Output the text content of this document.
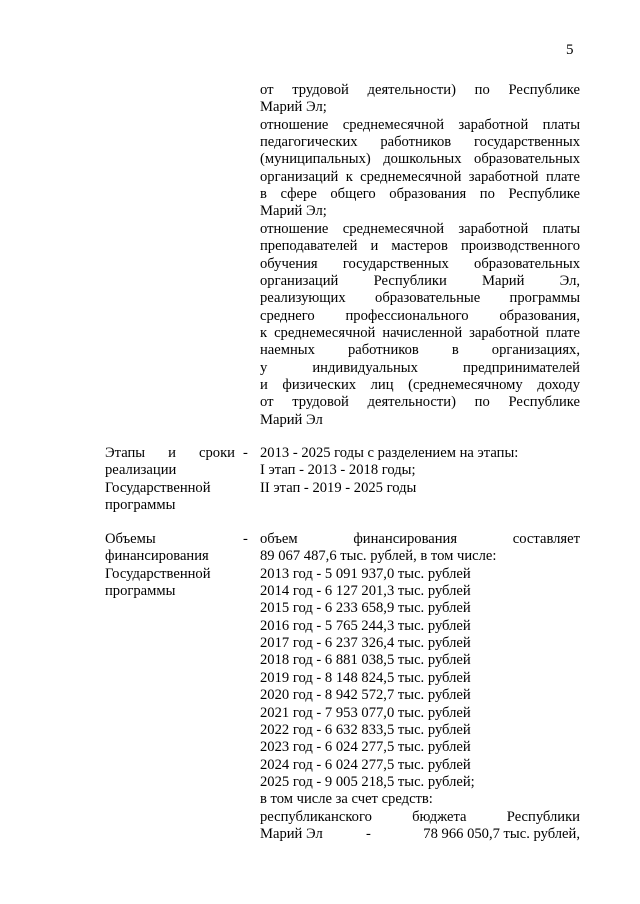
5
от трудовой деятельности) по Республике
Марий Эл;
отношение среднемесячной заработной платы
педагогических работников государственных
(муниципальных) дошкольных образовательных
организаций к среднемесячной заработной плате
в сфере общего образования по Республике
Марий Эл;
отношение среднемесячной заработной платы
преподавателей и мастеров производственного
обучения государственных образовательных
организаций Республики Марий Эл,
реализующих образовательные программы
среднего профессионального образования,
к среднемесячной начисленной заработной плате
наемных работников в организациях,
у индивидуальных предпринимателей
и физических лиц (среднемесячному доходу
от трудовой деятельности) по Республике
Марий Эл
Этапы и сроки
реализации
Государственной
программы
- 2013 - 2025 годы с разделением на этапы:
I этап - 2013 - 2018 годы;
II этап - 2019 - 2025 годы
Объемы
финансирования
Государственной
программы
- объем финансирования составляет
89 067 487,6 тыс. рублей, в том числе:
2013 год - 5 091 937,0 тыс. рублей
2014 год - 6 127 201,3 тыс. рублей
2015 год - 6 233 658,9 тыс. рублей
2016 год - 5 765 244,3 тыс. рублей
2017 год - 6 237 326,4 тыс. рублей
2018 год - 6 881 038,5 тыс. рублей
2019 год - 8 148 824,5 тыс. рублей
2020 год - 8 942 572,7 тыс. рублей
2021 год - 7 953 077,0 тыс. рублей
2022 год - 6 632 833,5 тыс. рублей
2023 год - 6 024 277,5 тыс. рублей
2024 год - 6 024 277,5 тыс. рублей
2025 год - 9 005 218,5 тыс. рублей;
в том числе за счет средств:
республиканского бюджета Республики
Марий Эл	-	78 966 050,7 тыс. рублей,
